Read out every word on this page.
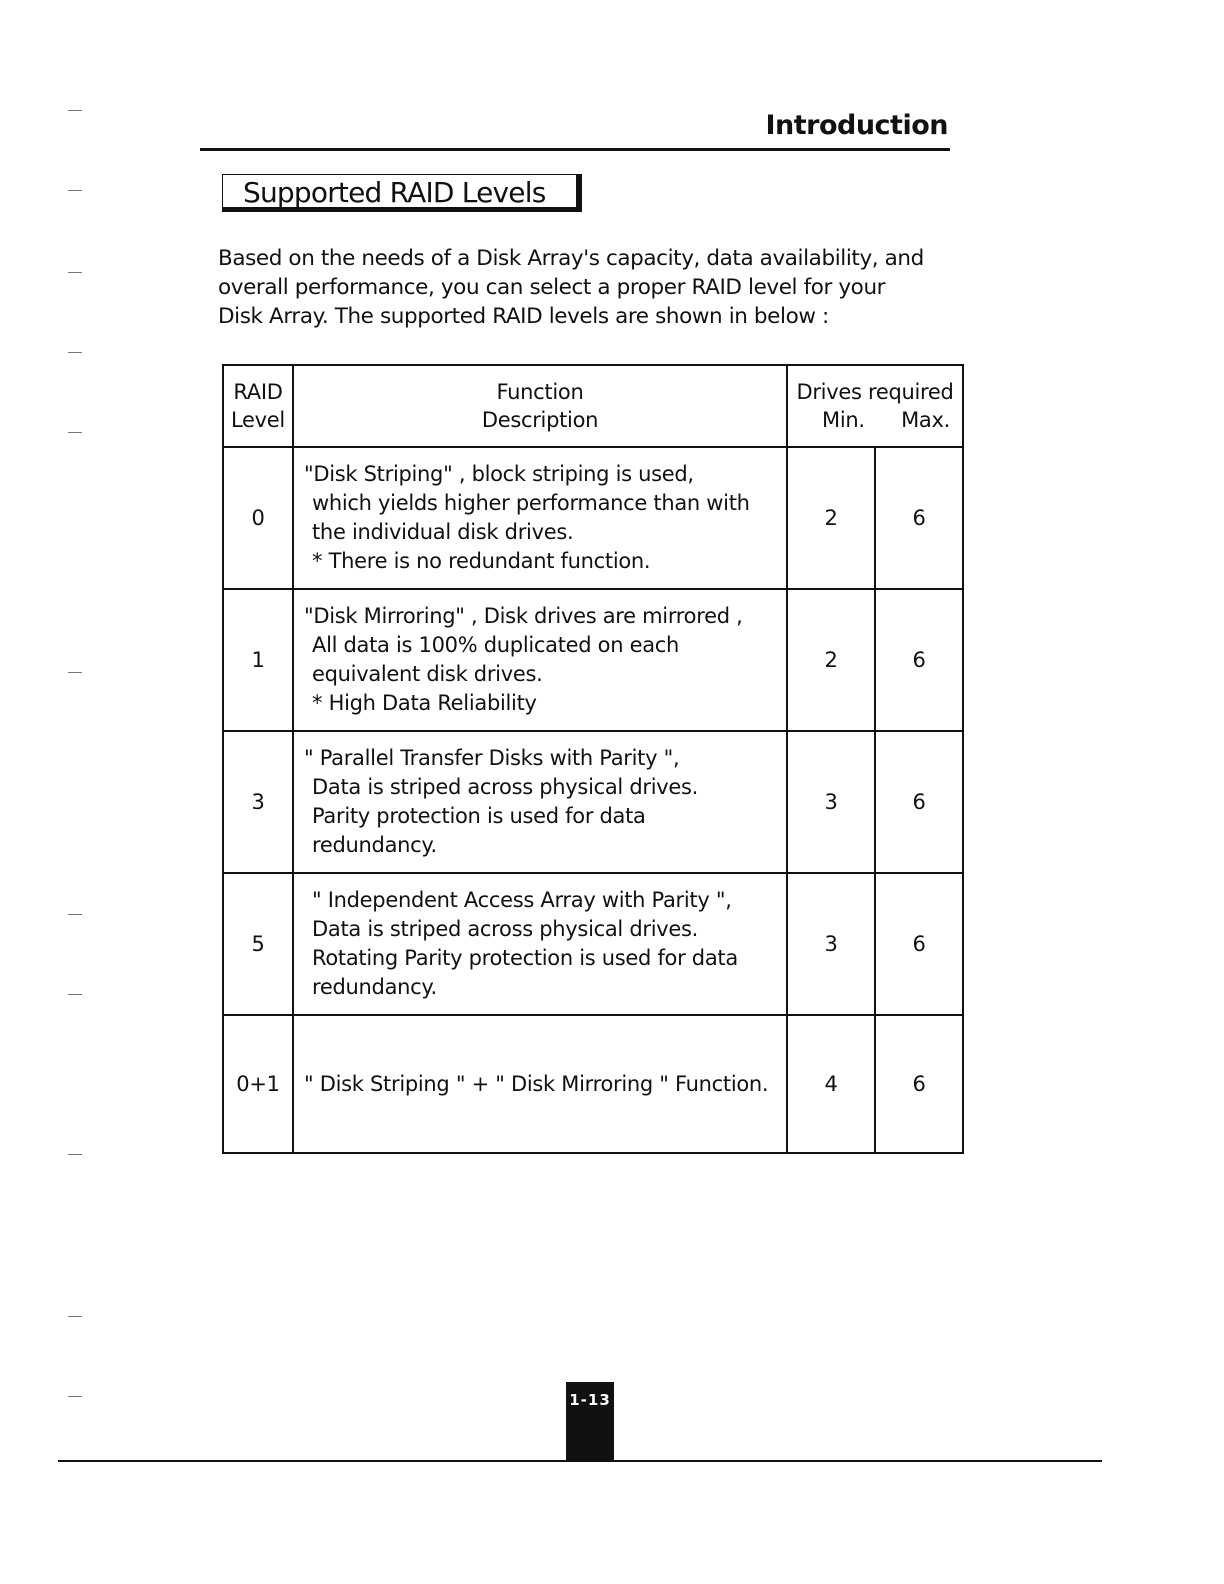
Introduction
Supported RAID Levels
Based on the needs of a Disk Array's capacity, data availability, and
overall performance, you can select a proper RAID level for your
Disk Array. The supported RAID levels are shown in below :
RAID
Level	Function
Description	Drives required
Min. Max.	

0	"Disk Striping" , block striping is used,
which yields higher performance than with
the individual disk drives.
* There is no redundant function.	2	6
1	"Disk Mirroring" , Disk drives are mirrored ,
All data is 100% duplicated on each
equivalent disk drives.
* High Data Reliability	2	6
3	" Parallel Transfer Disks with Parity ",
Data is striped across physical drives.
Parity protection is used for data
redundancy.	3	6
5	" Independent Access Array with Parity ",
Data is striped across physical drives.
Rotating Parity protection is used for data
redundancy.	3	6
0+1	" Disk Striping " + " Disk Mirroring " Function.	4	6
1-13
